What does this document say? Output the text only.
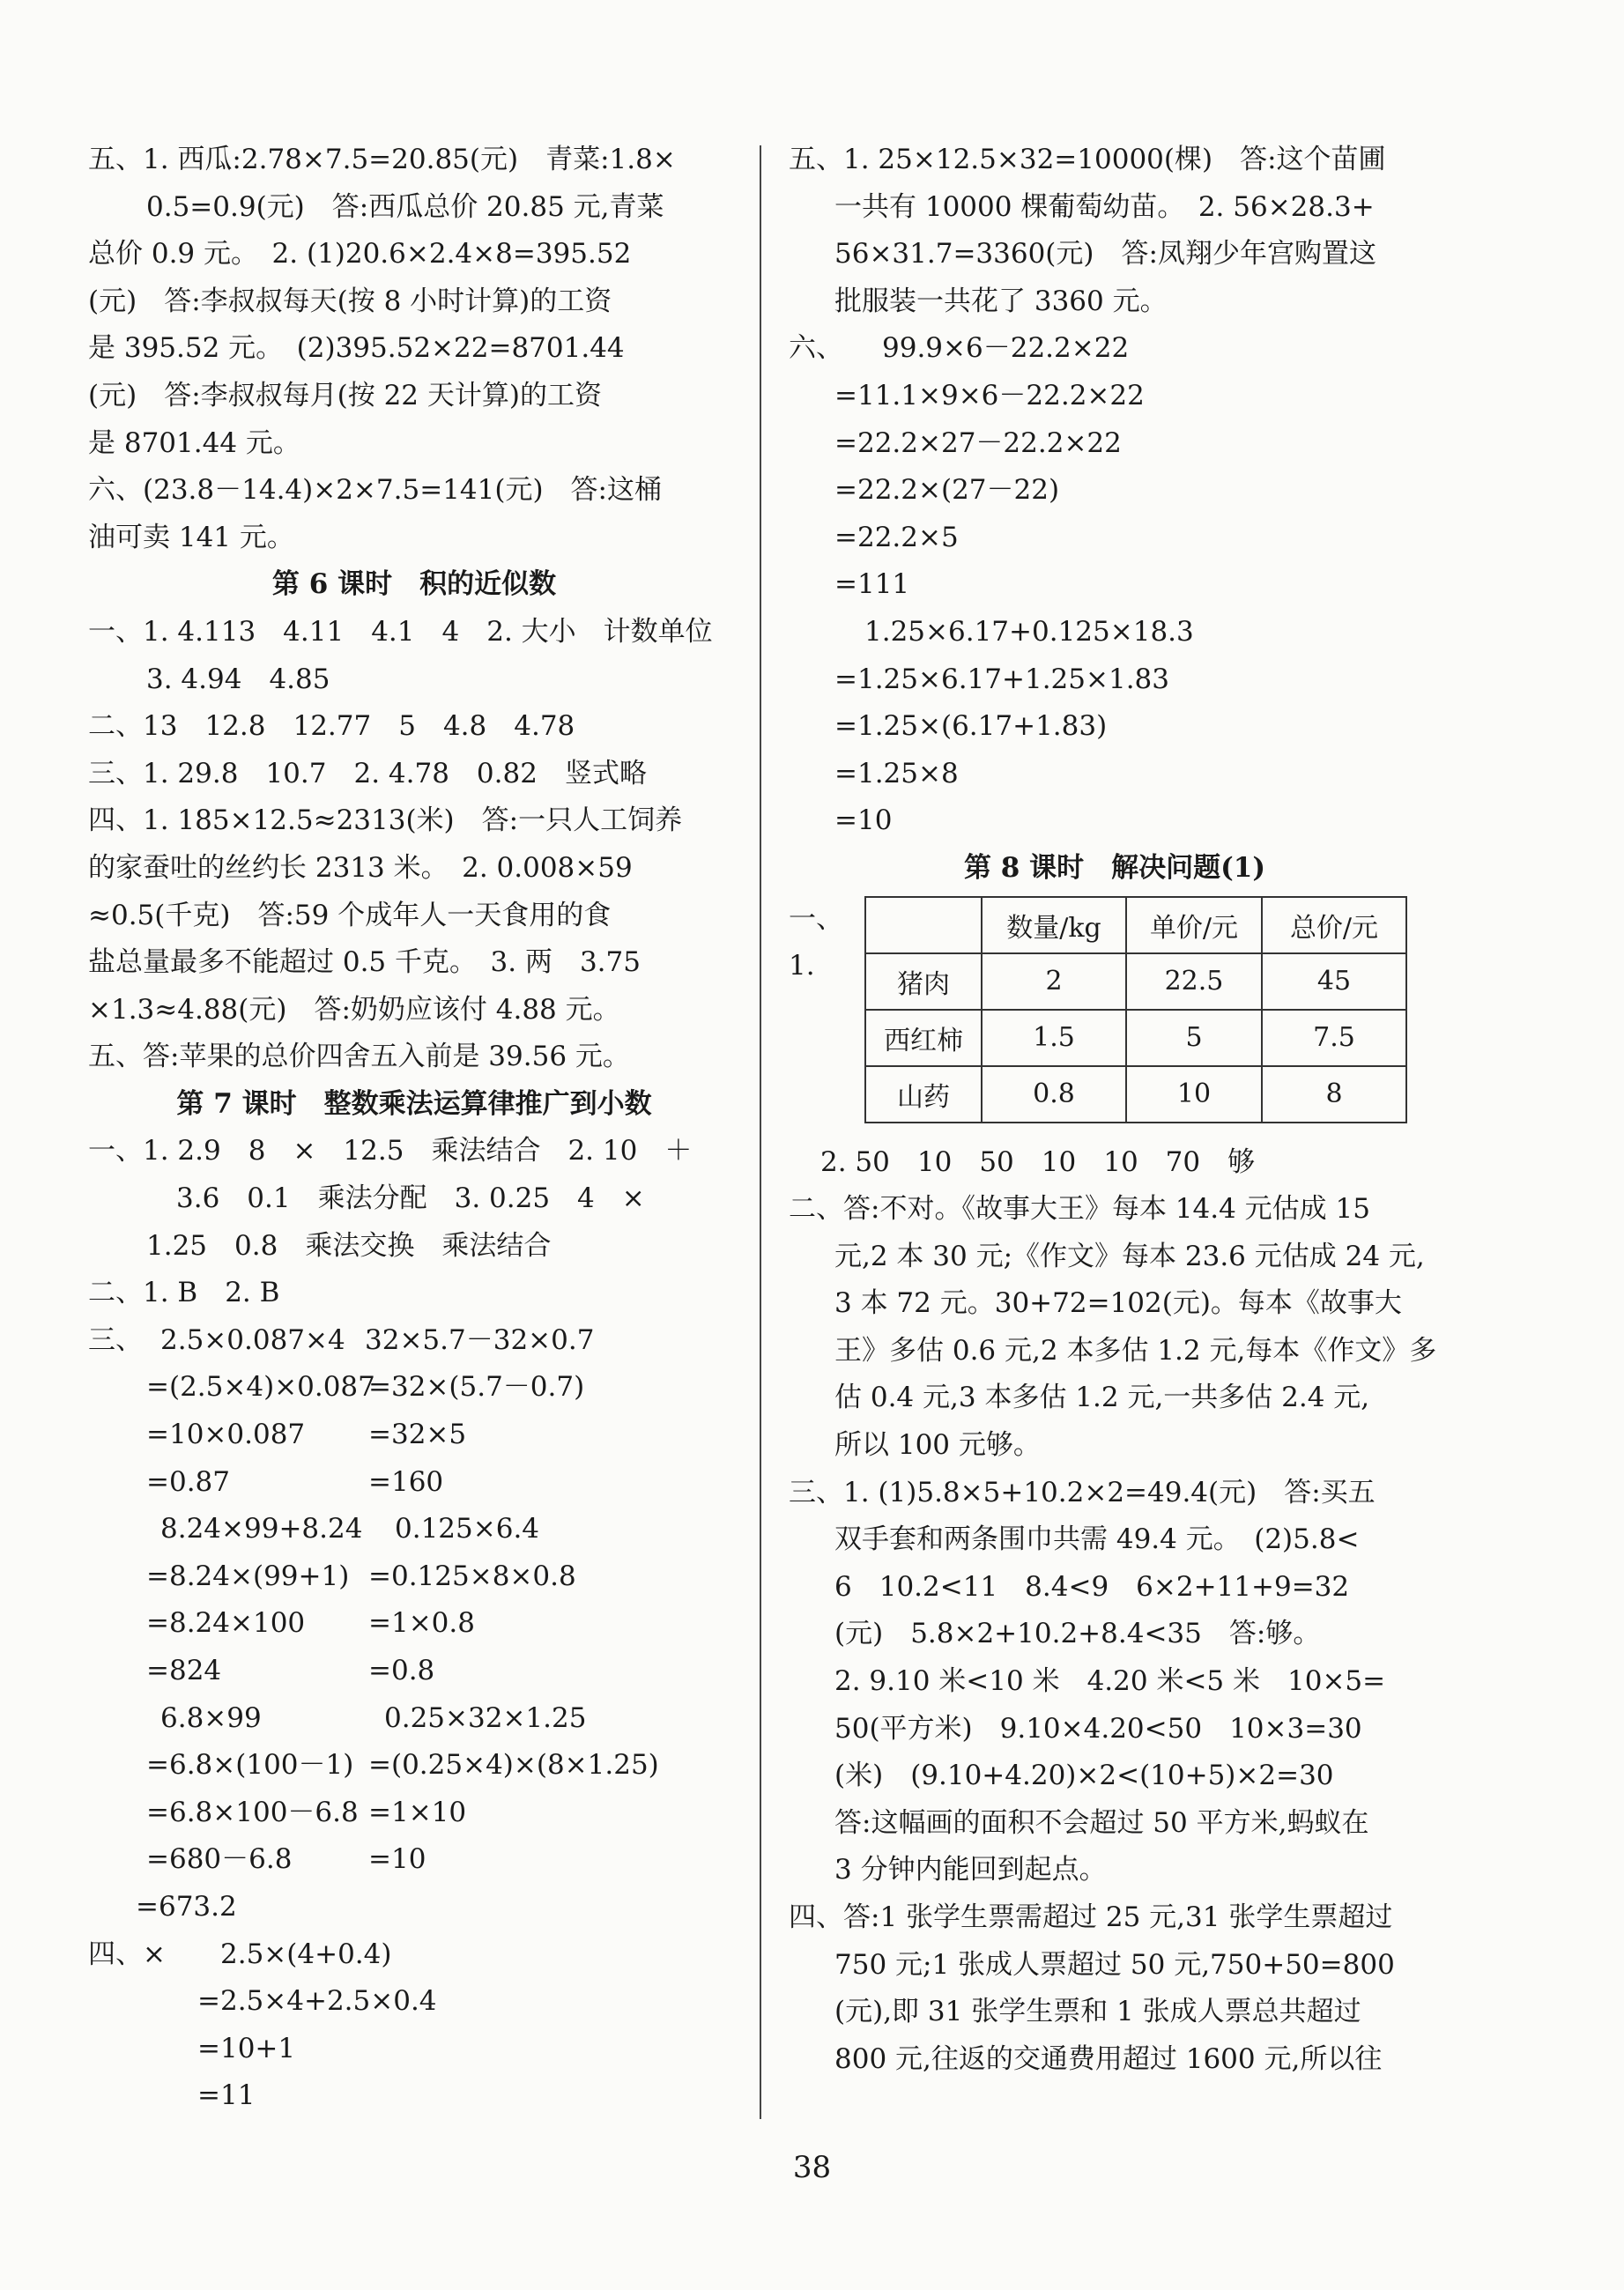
五、1. 西瓜:2.78×7.5=20.85(元)　青菜:1.8×
0.5=0.9(元)　答:西瓜总价 20.85 元,青菜
总价 0.9 元。　2. (1)20.6×2.4×8=395.52
(元)　答:李叔叔每天(按 8 小时计算)的工资
是 395.52 元。　(2)395.52×22=8701.44
(元)　答:李叔叔每月(按 22 天计算)的工资
是 8701.44 元。
六、(23.8－14.4)×2×7.5=141(元)　答:这桶
油可卖 141 元。
第 6 课时　积的近似数
一、1. 4.113　4.11　4.1　4　2. 大小　计数单位
3. 4.94　4.85
二、13　12.8　12.77　5　4.8　4.78
三、1. 29.8　10.7　2. 4.78　0.82　竖式略
四、1. 185×12.5≈2313(米)　答:一只人工饲养
的家蚕吐的丝约长 2313 米。　2. 0.008×59
≈0.5(千克)　答:59 个成年人一天食用的食
盐总量最多不能超过 0.5 千克。　3. 两　3.75
×1.3≈4.88(元)　答:奶奶应该付 4.88 元。
五、答:苹果的总价四舍五入前是 39.56 元。
第 7 课时　整数乘法运算律推广到小数
一、1. 2.9　8　×　12.5　乘法结合　2. 10　＋
3.6　0.1　乘法分配　3. 0.25　4　×
1.25　0.8　乘法交换　乘法结合
二、1. B　2. B
三、 2.5×0.087×4 32×5.7－32×0.7
=(2.5×4)×0.087
=32×(5.7－0.7)
=10×0.087	=32×5
=0.87	=160
8.24×99+8.24	0.125×6.4
=8.24×(99+1) =0.125×8×0.8
=8.24×100	=1×0.8
=824	=0.8
6.8×99	0.25×32×1.25
=6.8×(100－1) =(0.25×4)×(8×1.25)
=6.8×100－6.8 =1×10
=680－6.8	=10
=673.2
四、×	2.5×(4+0.4)
=2.5×4+2.5×0.4
=10+1
=11
五、1. 25×12.5×32=10000(棵)　答:这个苗圃
一共有 10000 棵葡萄幼苗。　2. 56×28.3+
56×31.7=3360(元)　答:凤翔少年宫购置这
批服装一共花了 3360 元。
六、	99.9×6－22.2×22
=11.1×9×6－22.2×22
=22.2×27－22.2×22
=22.2×(27－22)
=22.2×5
=111
1.25×6.17+0.125×18.3
=1.25×6.17+1.25×1.83
=1.25×(6.17+1.83)
=1.25×8
=10
第 8 课时　解决问题(1)
一、1.
	数量/kg	单价/元	总价/元
猪肉	2	22.5	45
西红柿	1.5	5	7.5
山药	0.8	10	8
2. 50　10　50　10　10　70　够
二、答:不对。《故事大王》每本 14.4 元估成 15
元,2 本 30 元;《作文》每本 23.6 元估成 24 元,
3 本 72 元。30+72=102(元)。每本《故事大
王》多估 0.6 元,2 本多估 1.2 元,每本《作文》多
估 0.4 元,3 本多估 1.2 元,一共多估 2.4 元,
所以 100 元够。
三、1. (1)5.8×5+10.2×2=49.4(元)　答:买五
双手套和两条围巾共需 49.4 元。　(2)5.8<
6　10.2<11　8.4<9　6×2+11+9=32
(元)　5.8×2+10.2+8.4<35　答:够。
2. 9.10 米<10 米　4.20 米<5 米　10×5=
50(平方米)　9.10×4.20<50　10×3=30
(米)　(9.10+4.20)×2<(10+5)×2=30
答:这幅画的面积不会超过 50 平方米,蚂蚁在
3 分钟内能回到起点。
四、答:1 张学生票需超过 25 元,31 张学生票超过
750 元;1 张成人票超过 50 元,750+50=800
(元),即 31 张学生票和 1 张成人票总共超过
800 元,往返的交通费用超过 1600 元,所以往
38
